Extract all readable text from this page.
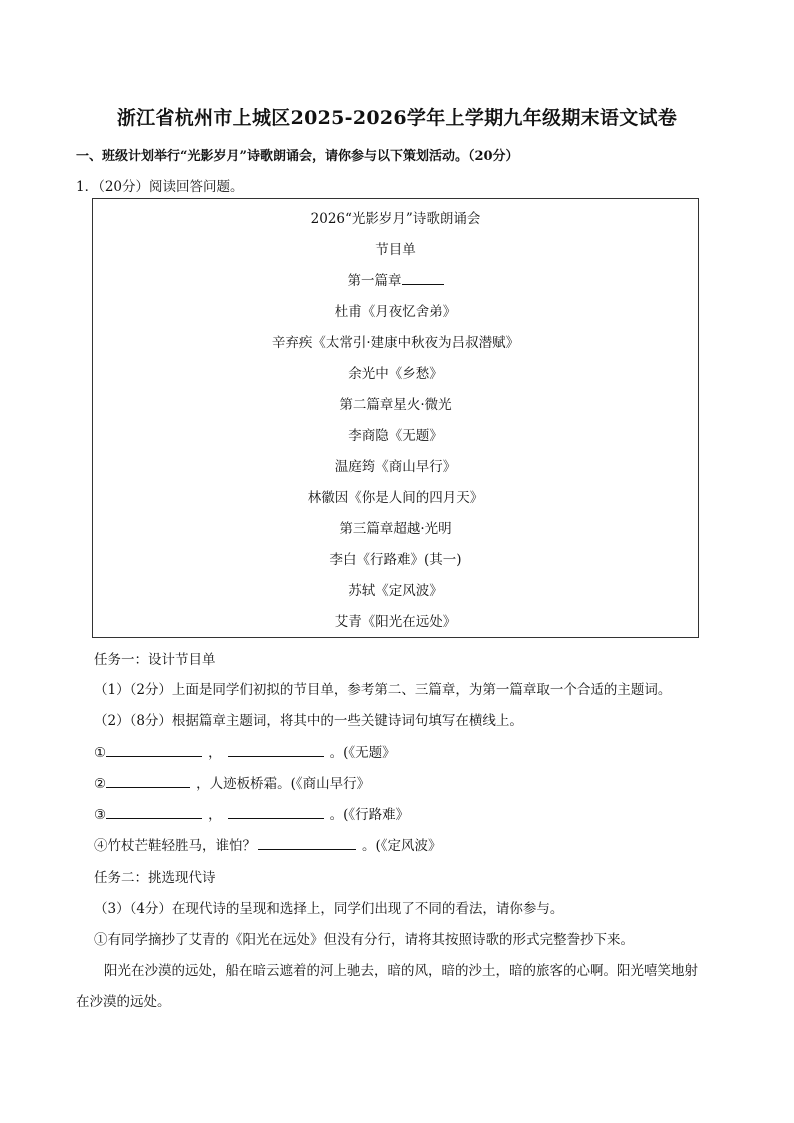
浙江省杭州市上城区2025-2026学年上学期九年级期末语文试卷
一、班级计划举行“光影岁月”诗歌朗诵会，请你参与以下策划活动。（20分）
1．（20分）阅读回答问题。
2026“光影岁月”诗歌朗诵会
节目单
第一篇章
杜甫《月夜忆舍弟》
辛弃疾《太常引·建康中秋夜为吕叔潜赋》
余光中《乡愁》
第二篇章星火·微光
李商隐《无题》
温庭筠《商山早行》
林徽因《你是人间的四月天》
第三篇章超越·光明
李白《行路难》(其一)
苏轼《定风波》
艾青《阳光在远处》
任务一：设计节目单
（1）（2分）上面是同学们初拟的节目单，参考第二、三篇章，为第一篇章取一个合适的主题词。
（2）（8分）根据篇章主题词，将其中的一些关键诗词句填写在横线上。
①	，	。(《无题》
②	，人迹板桥霜。(《商山早行》
③	，	。(《行路难》
④竹杖芒鞋轻胜马，谁怕？	。(《定风波》
任务二：挑选现代诗
（3）（4分）在现代诗的呈现和选择上，同学们出现了不同的看法，请你参与。
①有同学摘抄了艾青的《阳光在远处》但没有分行，请将其按照诗歌的形式完整誊抄下来。
阳光在沙漠的远处，船在暗云遮着的河上驰去，暗的风，暗的沙土，暗的旅客的心啊。阳光嘻笑地射
在沙漠的远处。
